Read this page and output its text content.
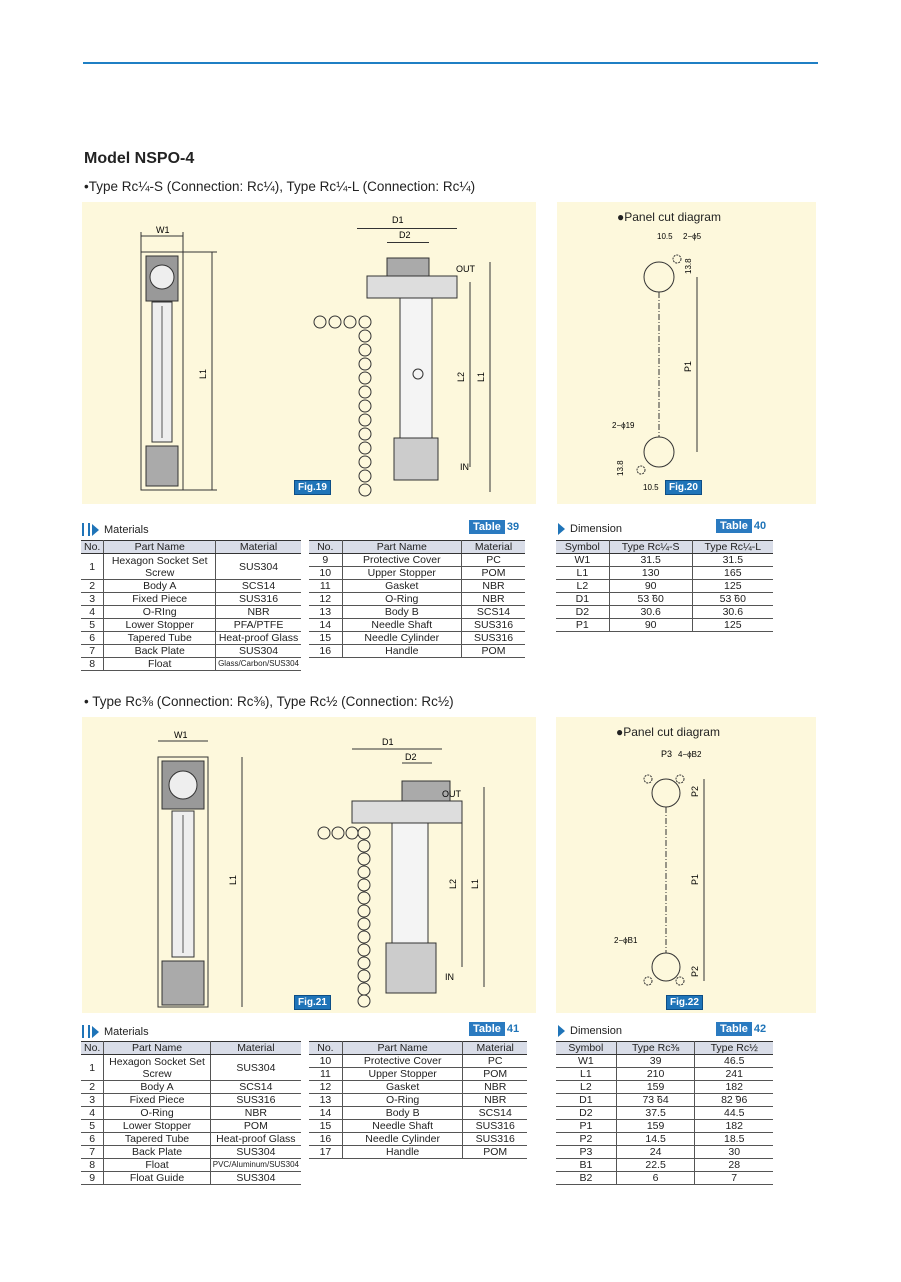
Model NSPO-4
•Type Rc¼-S (Connection: Rc¼), Type Rc¼-L (Connection: Rc¼)
W1
L1
D1
D2
OUT
IN
L2 L1
Fig.19
●Panel cut diagram
P1
10.5 2−ϕ5
13.8
2−ϕ19
13.8
10.5	Fig.20
Materials	Table 39
No.	Part Name	Material
1	Hexagon Socket Set Screw	SUS304
2	Body A	SCS14
3	Fixed Piece	SUS316
4	O-RIng	NBR
5	Lower Stopper	PFA/PTFE
6	Tapered Tube	Heat-proof Glass
7	Back Plate	SUS304
8	Float	Glass/Carbon/SUS304
No.	Part Name	Material
9	Protective Cover	PC
10	Upper Stopper	POM
11	Gasket	NBR
12	O-Ring	NBR
13	Body B	SCS14
14	Needle Shaft	SUS316
15	Needle Cylinder	SUS316
16	Handle	POM
Dimension	Table 40
Symbol	Type Rc¼-S	Type Rc¼-L
W1	31.5	31.5
L1	130	165
L2	90	125
D1	53 ̃60	53 ̃60
D2	30.6	30.6
P1	90	125
• Type Rc⅜ (Connection: Rc⅜), Type Rc½ (Connection: Rc½)
W1
L1
D1
D2
OUT
IN
L2 L1
Fig.21
●Panel cut diagram
P1
P2
P2
P3 4−ϕB2
2−ϕB1
Fig.22
Materials	Table 41
No.	Part Name	Material
1	Hexagon Socket Set Screw	SUS304
2	Body A	SCS14
3	Fixed Piece	SUS316
4	O-Ring	NBR
5	Lower Stopper	POM
6	Tapered Tube	Heat-proof Glass
7	Back Plate	SUS304
8	Float	PVC/Aluminum/SUS304
9	Float Guide	SUS304
No.	Part Name	Material
10	Protective Cover	PC
11	Upper Stopper	POM
12	Gasket	NBR
13	O-Ring	NBR
14	Body B	SCS14
15	Needle Shaft	SUS316
16	Needle Cylinder	SUS316
17	Handle	POM
Dimension	Table 42
Symbol	Type Rc⅜	Type Rc½
W1	39	46.5
L1	210	241
L2	159	182
D1	73 ̃64	82 ̃96
D2	37.5	44.5
P1	159	182
P2	14.5	18.5
P3	24	30
B1	22.5	28
B2	6	7
